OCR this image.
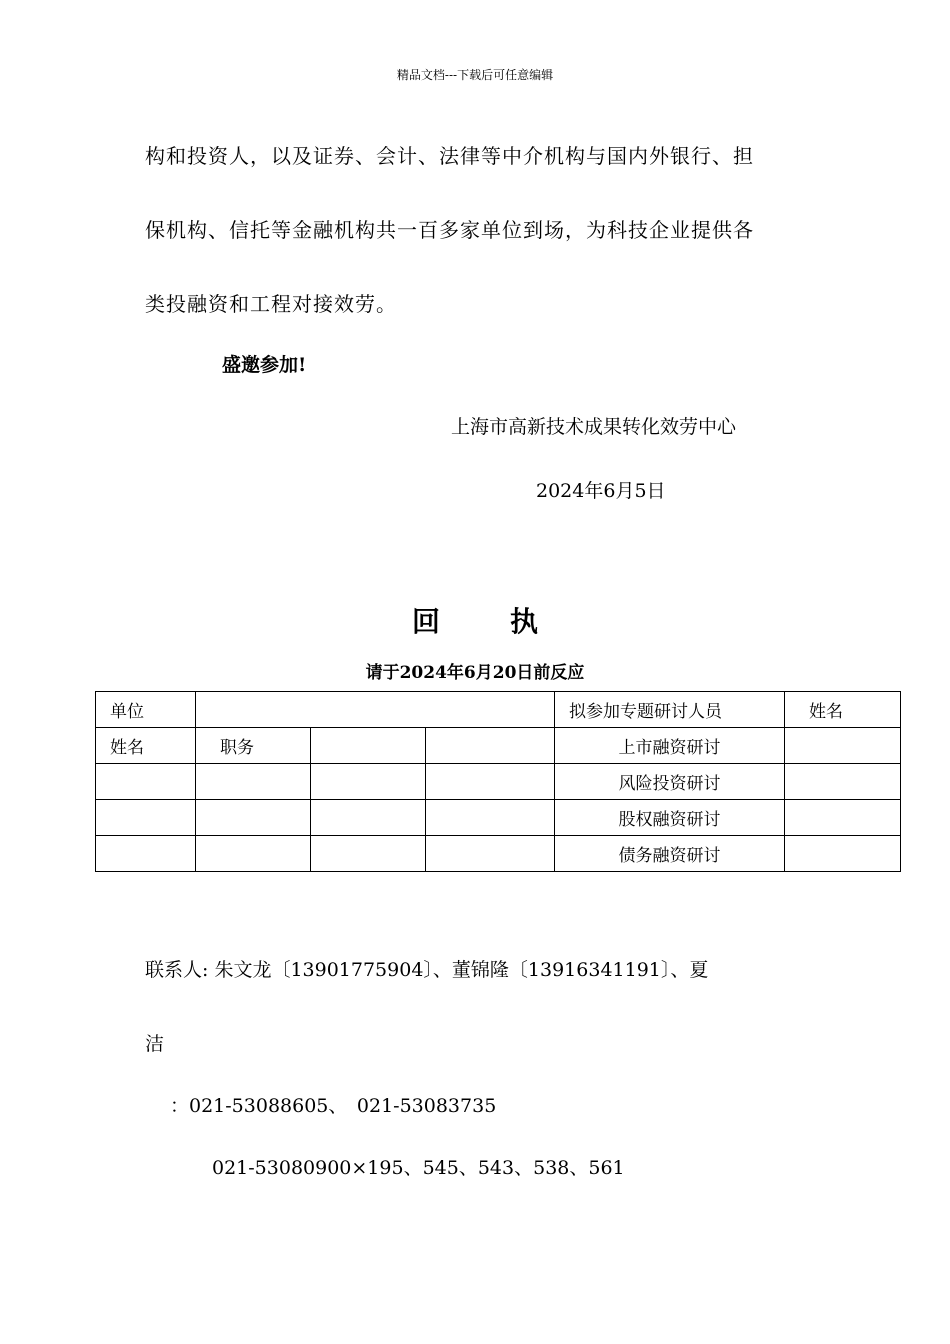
精品文档---下载后可任意编辑
构和投资人，以及证券、会计、法律等中介机构与国内外银行、担
保机构、信托等金融机构共一百多家单位到场，为科技企业提供各
类投融资和工程对接效劳。
盛邀参加!
上海市高新技术成果转化效劳中心
2024年6月5日
回	执
请于2024年6月20日前反应
单位				拟参加专题研讨人员	姓名
姓名	职务			上市融资研讨	
				风险投资研讨	
				股权融资研讨	
				债务融资研讨	
联系人: 朱文龙〔13901775904〕、董锦隆〔13916341191〕、夏
洁
：021-53088605、　021-53083735
021-53080900×195、545、543、538、561
